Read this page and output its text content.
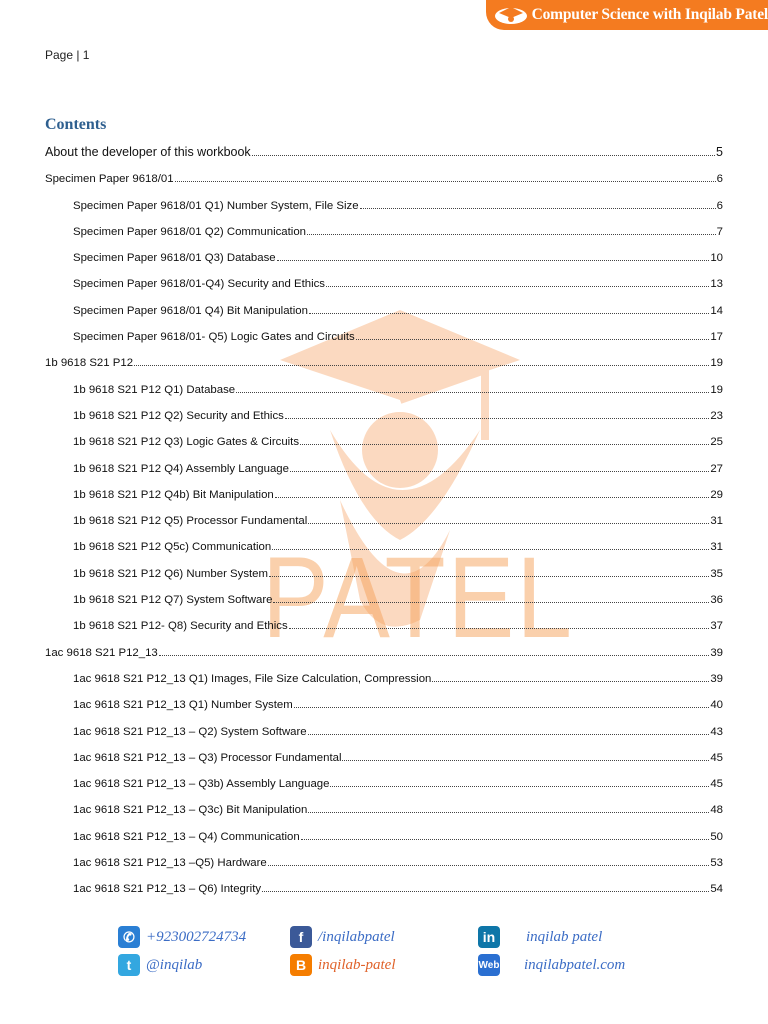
Computer Science with Inqilab Patel
Page | 1
PATEL
Contents
About the developer of this workbook	5
Specimen Paper 9618/01	6
Specimen Paper 9618/01 Q1) Number System, File Size	6
Specimen Paper 9618/01 Q2) Communication	7
Specimen Paper 9618/01 Q3) Database	10
Specimen Paper 9618/01-Q4) Security and Ethics	13
Specimen Paper 9618/01 Q4) Bit Manipulation	14
Specimen Paper 9618/01- Q5) Logic Gates and Circuits	17
1b 9618 S21 P12	19
1b 9618 S21 P12 Q1) Database	19
1b 9618 S21 P12 Q2) Security and Ethics	23
1b 9618 S21 P12 Q3) Logic Gates & Circuits	25
1b 9618 S21 P12 Q4) Assembly Language	27
1b 9618 S21 P12 Q4b) Bit Manipulation	29
1b 9618 S21 P12 Q5) Processor Fundamental	31
1b 9618 S21 P12 Q5c) Communication	31
1b 9618 S21 P12 Q6) Number System	35
1b 9618 S21 P12 Q7) System Software	36
1b 9618 S21 P12- Q8) Security and Ethics	37
1ac 9618 S21 P12_13	39
1ac 9618 S21 P12_13 Q1) Images, File Size Calculation, Compression	39
1ac 9618 S21 P12_13 Q1) Number System	40
1ac 9618 S21 P12_13 – Q2) System Software	43
1ac 9618 S21 P12_13 – Q3) Processor Fundamental	45
1ac 9618 S21 P12_13 – Q3b) Assembly Language	45
1ac 9618 S21 P12_13 – Q3c) Bit Manipulation	48
1ac 9618 S21 P12_13 – Q4) Communication	50
1ac 9618 S21 P12_13 –Q5) Hardware	53
1ac 9618 S21 P12_13 – Q6) Integrity	54
✆ +923002724734	f /inqilabpatel	in	inqilab patel
t @inqilab	B inqilab-patel	Web inqilabpatel.com
